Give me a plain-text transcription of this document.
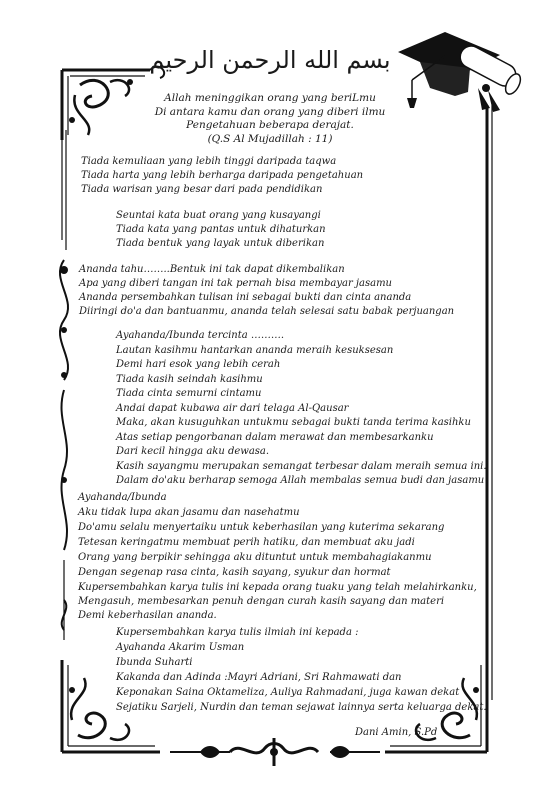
بسم الله الرحمن الرحيم
Allah meninggikan orang yang beriLmu
Di antara kamu dan orang yang diberi ilmu
Pengetahuan beberapa derajat.
(Q.S Al Mujadillah : 11)
Tiada kemuliaan yang lebih tinggi daripada taqwa
Tiada harta yang lebih berharga daripada pengetahuan
Tiada warisan yang besar dari pada pendidikan
Seuntai kata buat orang yang kusayangi
Tiada kata yang pantas untuk dihaturkan
Tiada bentuk yang layak untuk diberikan
Ananda tahu……..Bentuk ini tak dapat dikembalikan
Apa yang diberi tangan ini tak pernah bisa membayar jasamu
Ananda persembahkan tulisan ini sebagai bukti dan cinta ananda
Diiringi do'a dan bantuanmu, ananda telah selesai satu babak perjuangan
Ayahanda/Ibunda tercinta ……….
Lautan kasihmu hantarkan ananda meraih kesuksesan
Demi hari esok yang lebih cerah
Tiada kasih seindah kasihmu
Tiada cinta semurni cintamu
Andai dapat kubawa air dari telaga Al-Qausar
Maka, akan kusuguhkan untukmu sebagai bukti tanda terima kasihku
Atas setiap pengorbanan dalam merawat dan membesarkanku
Dari kecil hingga aku dewasa.
Kasih sayangmu merupakan semangat terbesar dalam meraih semua ini.
Dalam do'aku berharap semoga Allah membalas semua budi dan jasamu
Ayahanda/Ibunda
Aku tidak lupa akan jasamu dan nasehatmu
Do'amu selalu menyertaiku untuk keberhasilan yang kuterima sekarang
Tetesan keringatmu membuat perih hatiku, dan membuat aku jadi
Orang yang berpikir sehingga aku dituntut untuk membahagiakanmu
Dengan segenap rasa cinta, kasih sayang, syukur dan hormat
Kupersembahkan karya tulis ini kepada orang tuaku yang telah melahirkanku,
Mengasuh, membesarkan penuh dengan curah kasih sayang dan materi
Demi keberhasilan ananda.
Kupersembahkan karya tulis ilmiah ini kepada :
Ayahanda Akarim Usman
Ibunda Suharti
Kakanda dan Adinda :Mayri Adriani, Sri Rahmawati dan
Keponakan Saina Oktameliza, Auliya Rahmadani, juga kawan dekat
Sejatiku Sarjeli, Nurdin dan teman sejawat lainnya serta keluarga dekat.
Dani Amin, S.Pd
